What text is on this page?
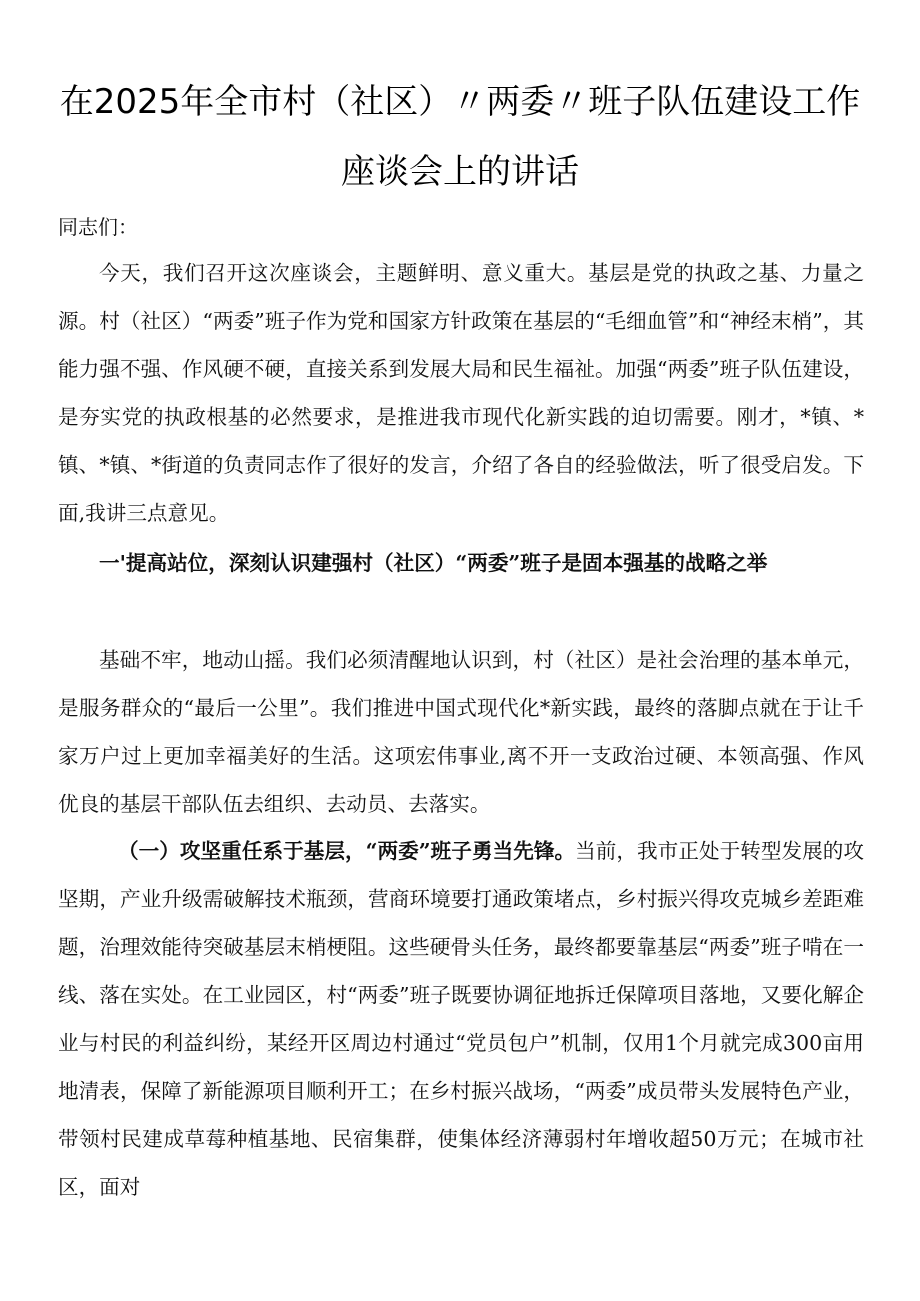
在2025年全市村（社区）〃两委〃班子队伍建设工作
座谈会上的讲话
同志们：
今天，我们召开这次座谈会，主题鲜明、意义重大。基层是党的执政之基、力量之源。村（社区）“两委”班子作为党和国家方针政策在基层的“毛细血管”和“神经末梢”，其能力强不强、作风硬不硬，直接关系到发展大局和民生福祉。加强“两委”班子队伍建设，是夯实党的执政根基的必然要求，是推进我市现代化新实践的迫切需要。刚才，*镇、*镇、*镇、*街道的负责同志作了很好的发言，介绍了各自的经验做法，听了很受启发。下面,我讲三点意见。
一'提高站位，深刻认识建强村（社区）“两委”班子是固本强基的战略之举
基础不牢，地动山摇。我们必须清醒地认识到，村（社区）是社会治理的基本单元，是服务群众的“最后一公里”。我们推进中国式现代化*新实践，最终的落脚点就在于让千家万户过上更加幸福美好的生活。这项宏伟事业,离不开一支政治过硬、本领高强、作风优良的基层干部队伍去组织、去动员、去落实。
（一）攻坚重任系于基层，“两委”班子勇当先锋。当前，我市正处于转型发展的攻坚期，产业升级需破解技术瓶颈，营商环境要打通政策堵点，乡村振兴得攻克城乡差距难题，治理效能待突破基层末梢梗阻。这些硬骨头任务，最终都要靠基层“两委”班子啃在一线、落在实处。在工业园区，村“两委”班子既要协调征地拆迁保障项目落地，又要化解企业与村民的利益纠纷，某经开区周边村通过“党员包户”机制，仅用1个月就完成300亩用地清表，保障了新能源项目顺利开工；在乡村振兴战场，“两委”成员带头发展特色产业，带领村民建成草莓种植基地、民宿集群，使集体经济薄弱村年增收超50万元；在城市社区，面对
